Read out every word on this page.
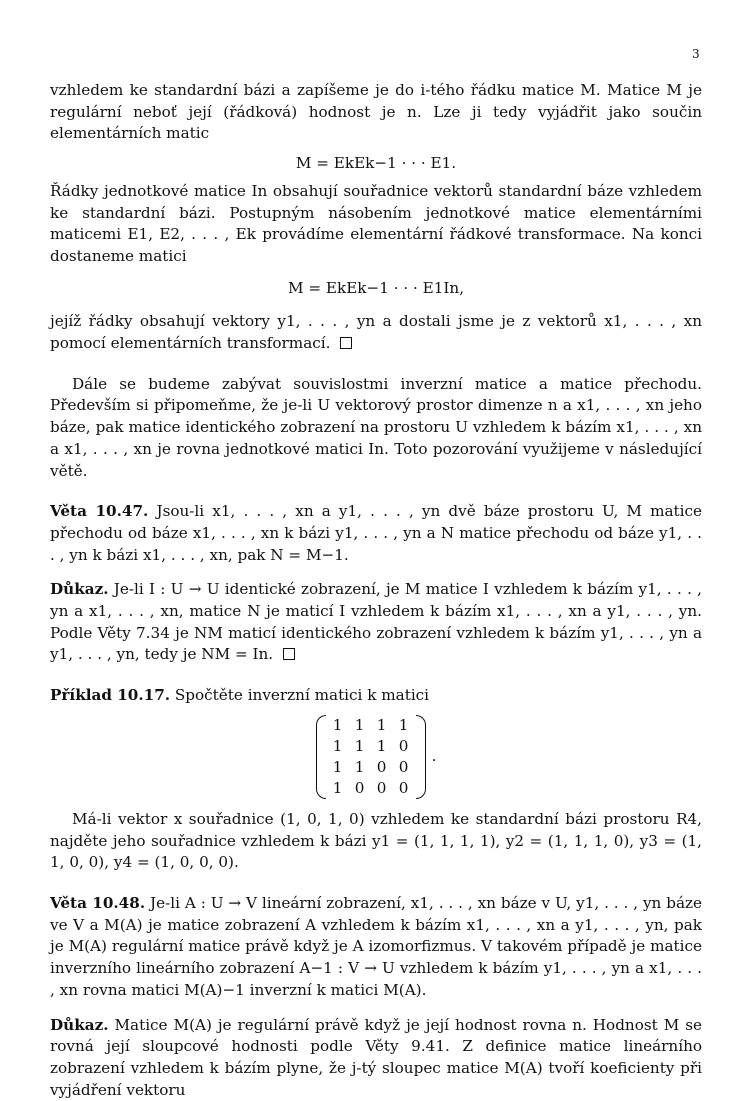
3

vzhledem ke standardní bázi a zapíšeme je do i-tého řádku matice M. Matice M je regulární neboť její (řádková) hodnost je n. Lze ji tedy vyjádřit jako součin elementárních matic

M = EkEk−1 · · · E1.

Řádky jednotkové matice In obsahují souřadnice vektorů standardní báze vzhledem ke standardní bázi. Postupným násobením jednotkové matice elementárními maticemi E1, E2, . . . , Ek provádíme elementární řádkové transformace. Na konci dostaneme matici

M = EkEk−1 · · · E1In,

jejíž řádky obsahují vektory y1, . . . , yn a dostali jsme je z vektorů x1, . . . , xn pomocí elementárních transformací.

Dále se budeme zabývat souvislostmi inverzní matice a matice přechodu. Především si připomeňme, že je-li U vektorový prostor dimenze n a x1, . . . , xn jeho báze, pak matice identického zobrazení na prostoru U vzhledem k bázím x1, . . . , xn a x1, . . . , xn je rovna jednotkové matici In. Toto pozorování využijeme v následující větě.

Věta 10.47. Jsou-li x1, . . . , xn a y1, . . . , yn dvě báze prostoru U, M matice přechodu od báze x1, . . . , xn k bázi y1, . . . , yn a N matice přechodu od báze y1, . . . , yn k bázi x1, . . . , xn, pak N = M−1.

Důkaz. Je-li I : U → U identické zobrazení, je M matice I vzhledem k bázím y1, . . . , yn a x1, . . . , xn, matice N je maticí I vzhledem k bázím x1, . . . , xn a y1, . . . , yn. Podle Věty 7.34 je NM maticí identického zobrazení vzhledem k bázím y1, . . . , yn a y1, . . . , yn, tedy je NM = In.

Příklad 10.17. Spočtěte inverzní matici k matici

1	1	1	1
1	1	1	0
1	1	0	0
1	0	0	0
.

Má-li vektor x souřadnice (1, 0, 1, 0) vzhledem ke standardní bázi prostoru R4, najděte jeho souřadnice vzhledem k bázi y1 = (1, 1, 1, 1), y2 = (1, 1, 1, 0), y3 = (1, 1, 0, 0), y4 = (1, 0, 0, 0).

Věta 10.48. Je-li A : U → V lineární zobrazení, x1, . . . , xn báze v U, y1, . . . , yn báze ve V a M(A) je matice zobrazení A vzhledem k bázím x1, . . . , xn a y1, . . . , yn, pak je M(A) regulární matice právě když je A izomorfizmus. V takovém případě je matice inverzního lineárního zobrazení A−1 : V → U vzhledem k bázím y1, . . . , yn a x1, . . . , xn rovna matici M(A)−1 inverzní k matici M(A).

Důkaz. Matice M(A) je regulární právě když je její hodnost rovna n. Hodnost M se rovná její sloupcové hodnosti podle Věty 9.41. Z definice matice lineárního zobrazení vzhledem k bázím plyne, že j-tý sloupec matice M(A) tvoří koeficienty při vyjádření vektoru
